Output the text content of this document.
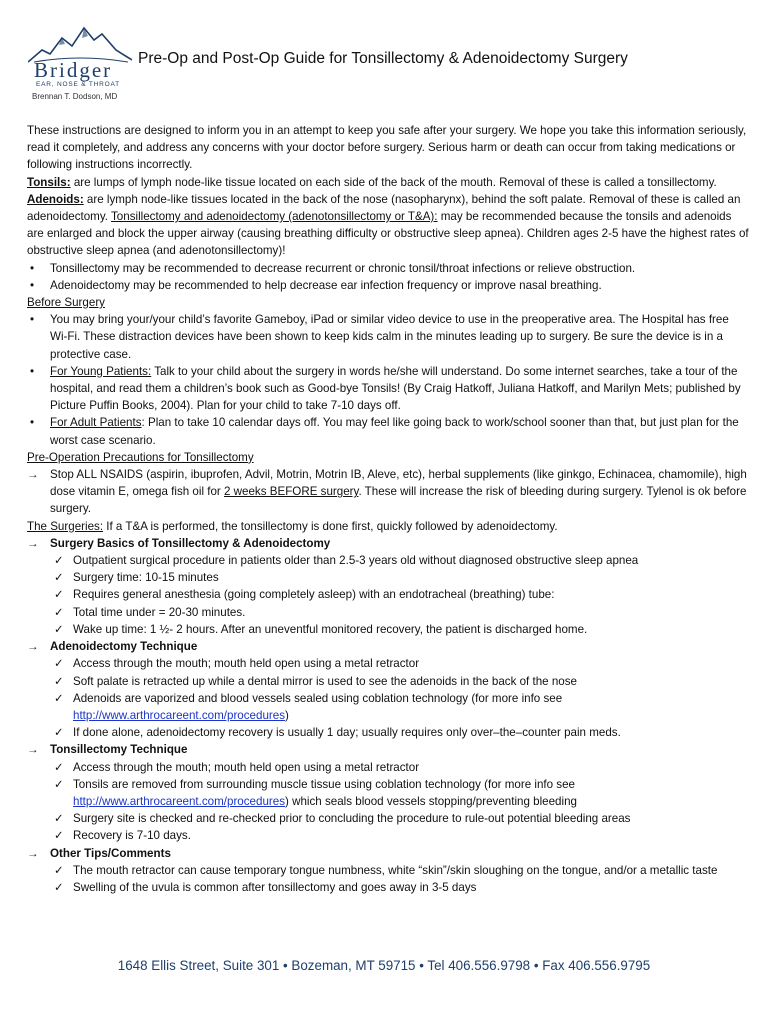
Bridger
EAR, NOSE & THROAT
Brennan T. Dodson, MD
Pre-Op and Post-Op Guide for Tonsillectomy & Adenoidectomy Surgery

These instructions are designed to inform you in an attempt to keep you safe after your surgery. We hope you take this information seriously, read it completely, and address any concerns with your doctor before surgery. Serious harm or death can occur from taking medications or following instructions incorrectly.

Tonsils: are lumps of lymph node-like tissue located on each side of the back of the mouth. Removal of these is called a tonsillectomy. Adenoids: are lymph node-like tissues located in the back of the nose (nasopharynx), behind the soft palate. Removal of these is called an adenoidectomy. Tonsillectomy and adenoidectomy (adenotonsillectomy or T&A): may be recommended because the tonsils and adenoids are enlarged and block the upper airway (causing breathing difficulty or obstructive sleep apnea). Children ages 2-5 have the highest rates of obstructive sleep apnea (and adenotonsillectomy)!

• Tonsillectomy may be recommended to decrease recurrent or chronic tonsil/throat infections or relieve obstruction.
• Adenoidectomy may be recommended to help decrease ear infection frequency or improve nasal breathing.

Before Surgery

• You may bring your/your child’s favorite Gameboy, iPad or similar video device to use in the preoperative area. The Hospital has free Wi-Fi. These distraction devices have been shown to keep kids calm in the minutes leading up to surgery. Be sure the device is in a protective case.
• For Young Patients: Talk to your child about the surgery in words he/she will understand. Do some internet searches, take a tour of the hospital, and read them a children’s book such as Good-bye Tonsils! (By Craig Hatkoff, Juliana Hatkoff, and Marilyn Mets; published by Picture Puffin Books, 2004). Plan for your child to take 7-10 days off.
• For Adult Patients: Plan to take 10 calendar days off. You may feel like going back to work/school sooner than that, but just plan for the worst case scenario.

Pre-Operation Precautions for Tonsillectomy

→ Stop ALL NSAIDS (aspirin, ibuprofen, Advil, Motrin, Motrin IB, Aleve, etc), herbal supplements (like ginkgo, Echinacea, chamomile), high dose vitamin E, omega fish oil for 2 weeks BEFORE surgery. These will increase the risk of bleeding during surgery. Tylenol is ok before surgery.

The Surgeries: If a T&A is performed, the tonsillectomy is done first, quickly followed by adenoidectomy.

→ Surgery Basics of Tonsillectomy & Adenoidectomy
✓ Outpatient surgical procedure in patients older than 2.5-3 years old without diagnosed obstructive sleep apnea
✓ Surgery time: 10-15 minutes
✓ Requires general anesthesia (going completely asleep) with an endotracheal (breathing) tube:
✓ Total time under = 20-30 minutes.
✓ Wake up time: 1 ½- 2 hours. After an uneventful monitored recovery, the patient is discharged home.
→ Adenoidectomy Technique
✓ Access through the mouth; mouth held open using a metal retractor
✓ Soft palate is retracted up while a dental mirror is used to see the adenoids in the back of the nose
✓ Adenoids are vaporized and blood vessels sealed using coblation technology (for more info see http://www.arthrocareent.com/procedures)
✓ If done alone, adenoidectomy recovery is usually 1 day; usually requires only over–the–counter pain meds.
→ Tonsillectomy Technique
✓ Access through the mouth; mouth held open using a metal retractor
✓ Tonsils are removed from surrounding muscle tissue using coblation technology (for more info see http://www.arthrocareent.com/procedures) which seals blood vessels stopping/preventing bleeding
✓ Surgery site is checked and re-checked prior to concluding the procedure to rule-out potential bleeding areas
✓ Recovery is 7-10 days.
→ Other Tips/Comments
✓ The mouth retractor can cause temporary tongue numbness, white “skin”/skin sloughing on the tongue, and/or a metallic taste
✓ Swelling of the uvula is common after tonsillectomy and goes away in 3-5 days
1648 Ellis Street, Suite 301 • Bozeman, MT 59715 • Tel 406.556.9798 • Fax 406.556.9795
